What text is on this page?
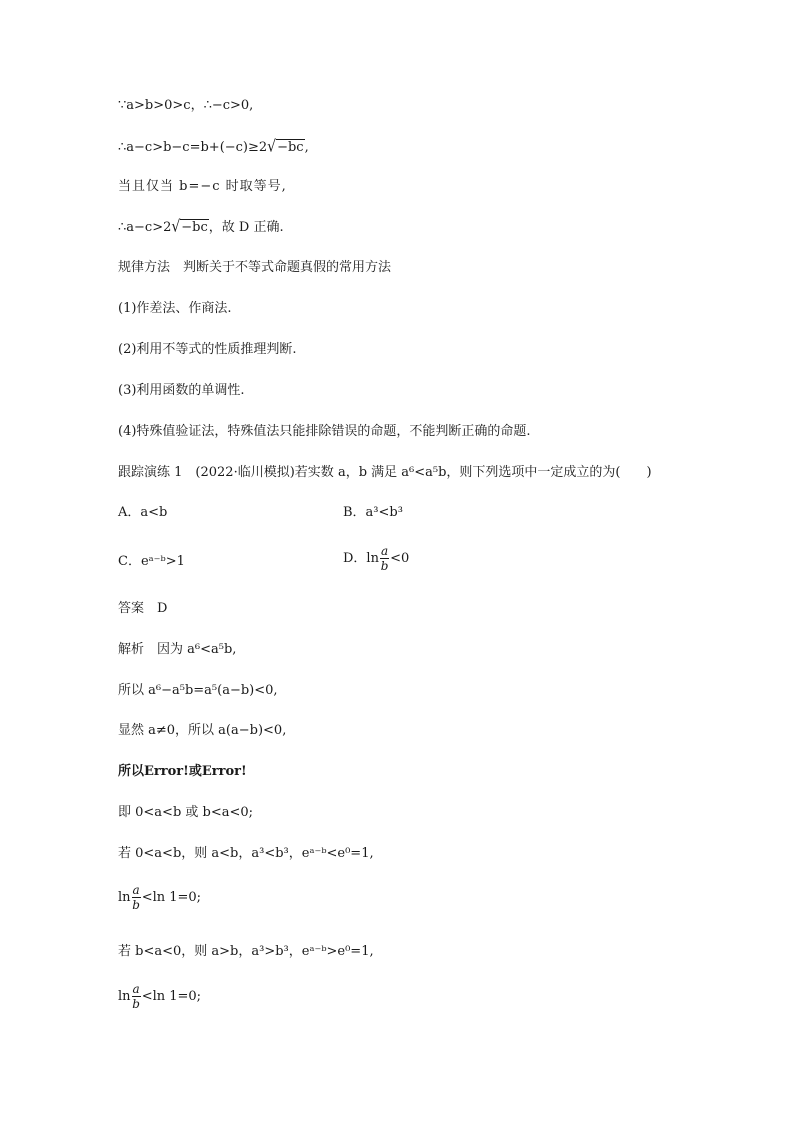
∵a>b>0>c，∴−c>0,
∴a−c>b−c=b+(−c)≥2√−bc,
当且仅当 b=−c 时取等号,
∴a−c>2√−bc，故 D 正确.
规律方法　判断关于不等式命题真假的常用方法
(1)作差法、作商法.
(2)利用不等式的性质推理判断.
(3)利用函数的单调性.
(4)特殊值验证法，特殊值法只能排除错误的命题，不能判断正确的命题.
跟踪演练 1　 (2022·临川模拟)若实数 a，b 满足 a⁶<a⁵b，则下列选项中一定成立的为(　　)
A．a<b	B．a³<b³
C．eᵃ⁻ᵇ>1	D．$\ln \frac{a}{b} <0$
答案　D
解析　因为 a⁶<a⁵b,
所以 a⁶−a⁵b=a⁵(a−b)<0,
显然 a≠0，所以 a(a−b)<0,
所以Error!或Error!
即 0<a<b 或 b<a<0;
若 0<a<b，则 a<b，a³<b³，eᵃ⁻ᵇ<e⁰=1,
$\ln \frac{a}{b} <\ln$ 1=0;
若 b<a<0，则 a>b，a³>b³，eᵃ⁻ᵇ>e⁰=1,
$\ln \frac{a}{b} <\ln$ 1=0;
